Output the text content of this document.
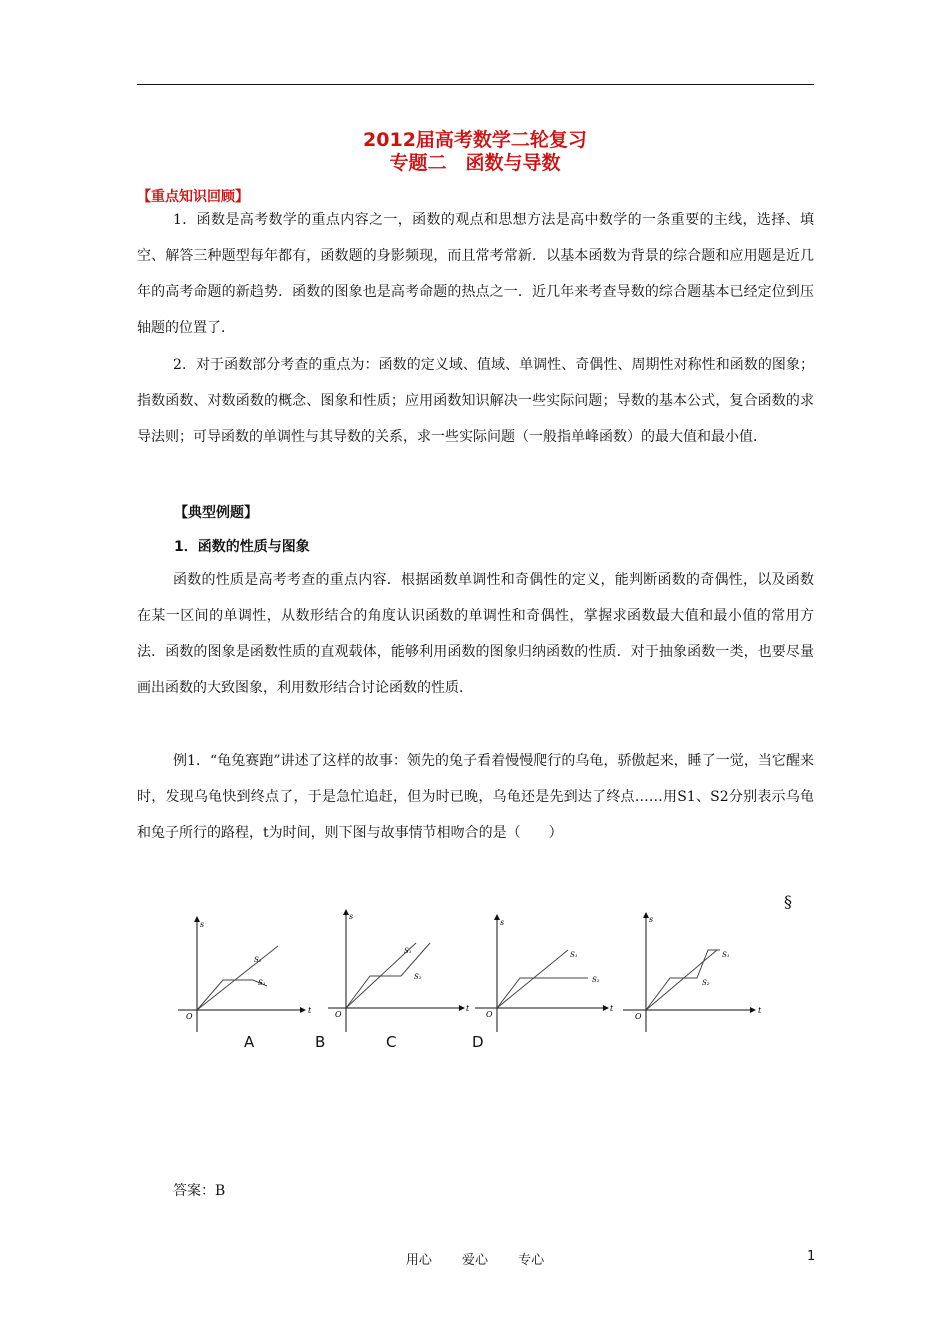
2012届高考数学二轮复习
专题二　函数与导数
【重点知识回顾】

1．函数是高考数学的重点内容之一，函数的观点和思想方法是高中数学的一条重要的主线，选择、填空、解答三种题型每年都有，函数题的身影频现，而且常考常新．以基本函数为背景的综合题和应用题是近几年的高考命题的新趋势．函数的图象也是高考命题的热点之一．近几年来考查导数的综合题基本已经定位到压轴题的位置了．

2．对于函数部分考查的重点为：函数的定义域、值域、单调性、奇偶性、周期性对称性和函数的图象；指数函数、对数函数的概念、图象和性质；应用函数知识解决一些实际问题；导数的基本公式，复合函数的求导法则；可导函数的单调性与其导数的关系，求一些实际问题（一般指单峰函数）的最大值和最小值．

【典型例题】
1．函数的性质与图象

函数的性质是高考考查的重点内容．根据函数单调性和奇偶性的定义，能判断函数的奇偶性，以及函数在某一区间的单调性，从数形结合的角度认识函数的单调性和奇偶性，掌握求函数最大值和最小值的常用方法．函数的图象是函数性质的直观载体，能够利用函数的图象归纳函数的性质．对于抽象函数一类，也要尽量画出函数的大致图象，利用数形结合讨论函数的性质．

例1．“龟兔赛跑”讲述了这样的故事：领先的兔子看着慢慢爬行的乌龟，骄傲起来，睡了一觉，当它醒来时，发现乌龟快到终点了，于是急忙追赶，但为时已晚，乌龟还是先到达了终点……用S1、S2分别表示乌龟和兔子所行的路程，t为时间，则下图与故事情节相吻合的是（　　）

§
s
t
O
S₁
S₁
s
t
O
S₁
S₂
s
t
O
S₁
S₂
s
t
O
S₁
S₂
A	B	C	D
答案：B
用心 爱心 专心	1
